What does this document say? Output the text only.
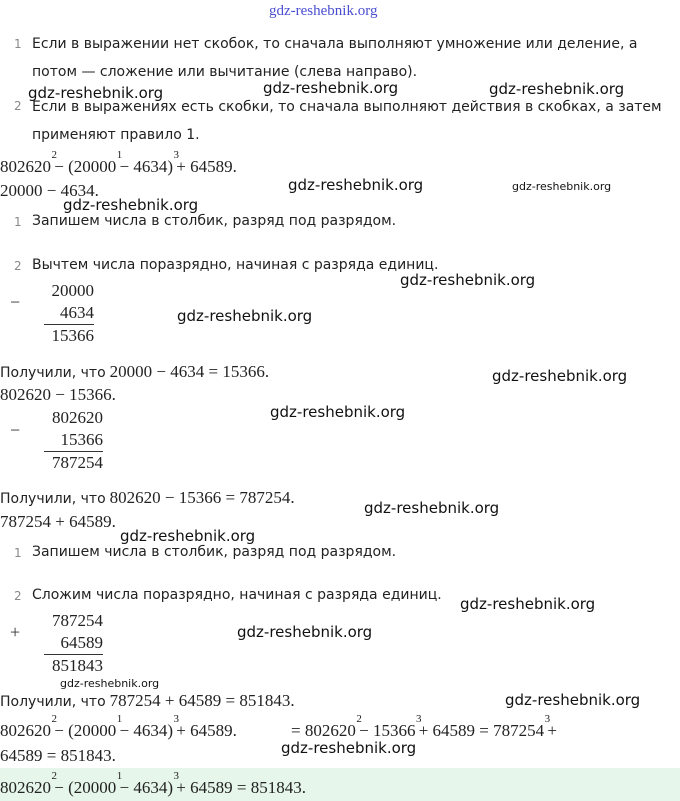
gdz-reshebnik.org
1 Если в выражении нет скобок, то сначала выполняют умножение или деление, а
потом — сложение или вычитание (слева направо).
2 Если в выражениях есть скобки, то сначала выполняют действия в скобках, а затем
применяют правило 1.
802620 $^2$− (20000 $^1$− 4634) $^3$+ 64589.
20000 − 4634.
1 Запишем числа в столбик, разряд под разрядом.
2 Вычтем числа поразрядно, начиная с разряда единиц.
−
20000
4634
15366
Получили, что 20000 − 4634 = 15366.
802620 − 15366.
−
802620
15366
787254
Получили, что 802620 − 15366 = 787254.
787254 + 64589.
1 Запишем числа в столбик, разряд под разрядом.
2 Сложим числа поразрядно, начиная с разряда единиц.
+
787254
64589
851843
Получили, что 787254 + 64589 = 851843.
802620 $^2$− (20000 $^1$− 4634) $^3$+ 64589.	= 802620 $^2$− 15366 $^3$+ 64589 = 787254 $^3$+
64589 = 851843.
802620 $^2$− (20000 $^1$− 4634) $^3$+ 64589 = 851843.
gdz-reshebnik.org
gdz-reshebnik.org	gdz-reshebnik.org
gdz-reshebnik.org	gdz-reshebnik.org
gdz-reshebnik.org
gdz-reshebnik.org
gdz-reshebnik.org
gdz-reshebnik.org
gdz-reshebnik.org
gdz-reshebnik.org
gdz-reshebnik.org
gdz-reshebnik.org
gdz-reshebnik.org
gdz-reshebnik.org
gdz-reshebnik.org
gdz-reshebnik.org
